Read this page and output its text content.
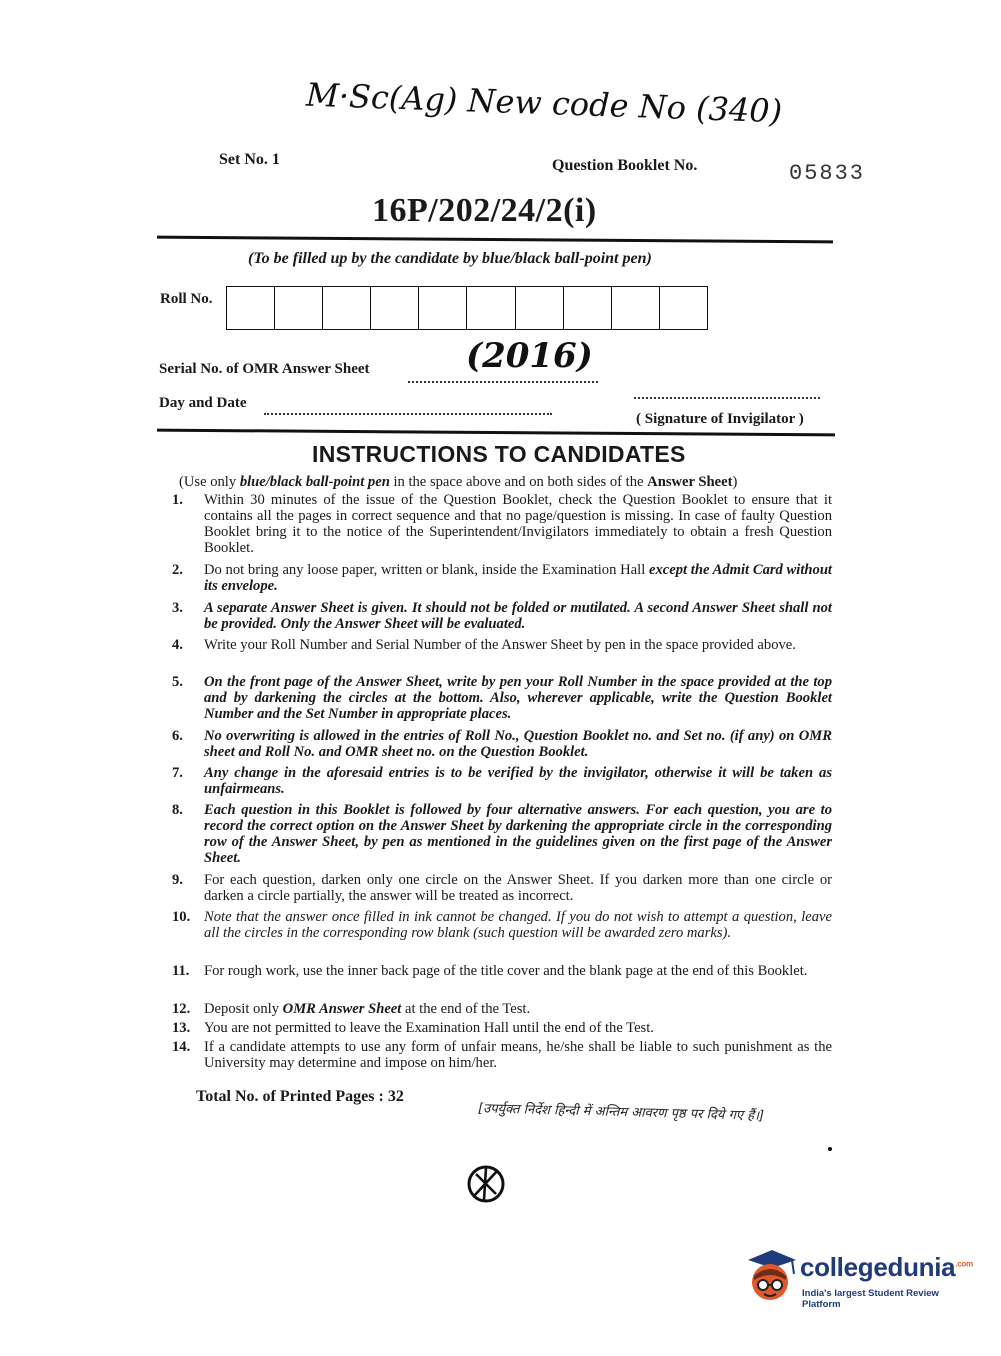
M·Sc(Ag) New code No (340)
Set No. 1	Question Booklet No.	05833
16P/202/24/2(i)
(To be filled up by the candidate by blue/black ball-point pen)
Roll No.
Serial No. of OMR Answer Sheet	(2016)
Day and Date
( Signature of Invigilator )
INSTRUCTIONS TO CANDIDATES
(Use only blue/black ball-point pen in the space above and on both sides of the Answer Sheet)
1.	Within 30 minutes of the issue of the Question Booklet, check the Question Booklet to ensure that it contains all the pages in correct sequence and that no page/question is missing. In case of faulty Question Booklet bring it to the notice of the Superintendent/Invigilators immediately to obtain a fresh Question Booklet.
2.	Do not bring any loose paper, written or blank, inside the Examination Hall except the Admit Card without its envelope.
3.	A separate Answer Sheet is given. It should not be folded or mutilated. A second Answer Sheet shall not be provided. Only the Answer Sheet will be evaluated.
4.	Write your Roll Number and Serial Number of the Answer Sheet by pen in the space provided above.
5.	On the front page of the Answer Sheet, write by pen your Roll Number in the space provided at the top and by darkening the circles at the bottom. Also, wherever applicable, write the Question Booklet Number and the Set Number in appropriate places.
6.	No overwriting is allowed in the entries of Roll No., Question Booklet no. and Set no. (if any) on OMR sheet and Roll No. and OMR sheet no. on the Question Booklet.
7.	Any change in the aforesaid entries is to be verified by the invigilator, otherwise it will be taken as unfairmeans.
8.	Each question in this Booklet is followed by four alternative answers. For each question, you are to record the correct option on the Answer Sheet by darkening the appropriate circle in the corresponding row of the Answer Sheet, by pen as mentioned in the guidelines given on the first page of the Answer Sheet.
9.	For each question, darken only one circle on the Answer Sheet. If you darken more than one circle or darken a circle partially, the answer will be treated as incorrect.
10. Note that the answer once filled in ink cannot be changed. If you do not wish to attempt a question, leave all the circles in the corresponding row blank (such question will be awarded zero marks).
11. For rough work, use the inner back page of the title cover and the blank page at the end of this Booklet.
12. Deposit only OMR Answer Sheet at the end of the Test.
13. You are not permitted to leave the Examination Hall until the end of the Test.
14. If a candidate attempts to use any form of unfair means, he/she shall be liable to such punishment as the University may determine and impose on him/her.
Total No. of Printed Pages : 32
[उपर्युक्त निर्देश हिन्दी में अन्तिम आवरण पृष्ठ पर दिये गए हैं।]
collegedunia$^{.com}$
India's largest Student Review Platform
